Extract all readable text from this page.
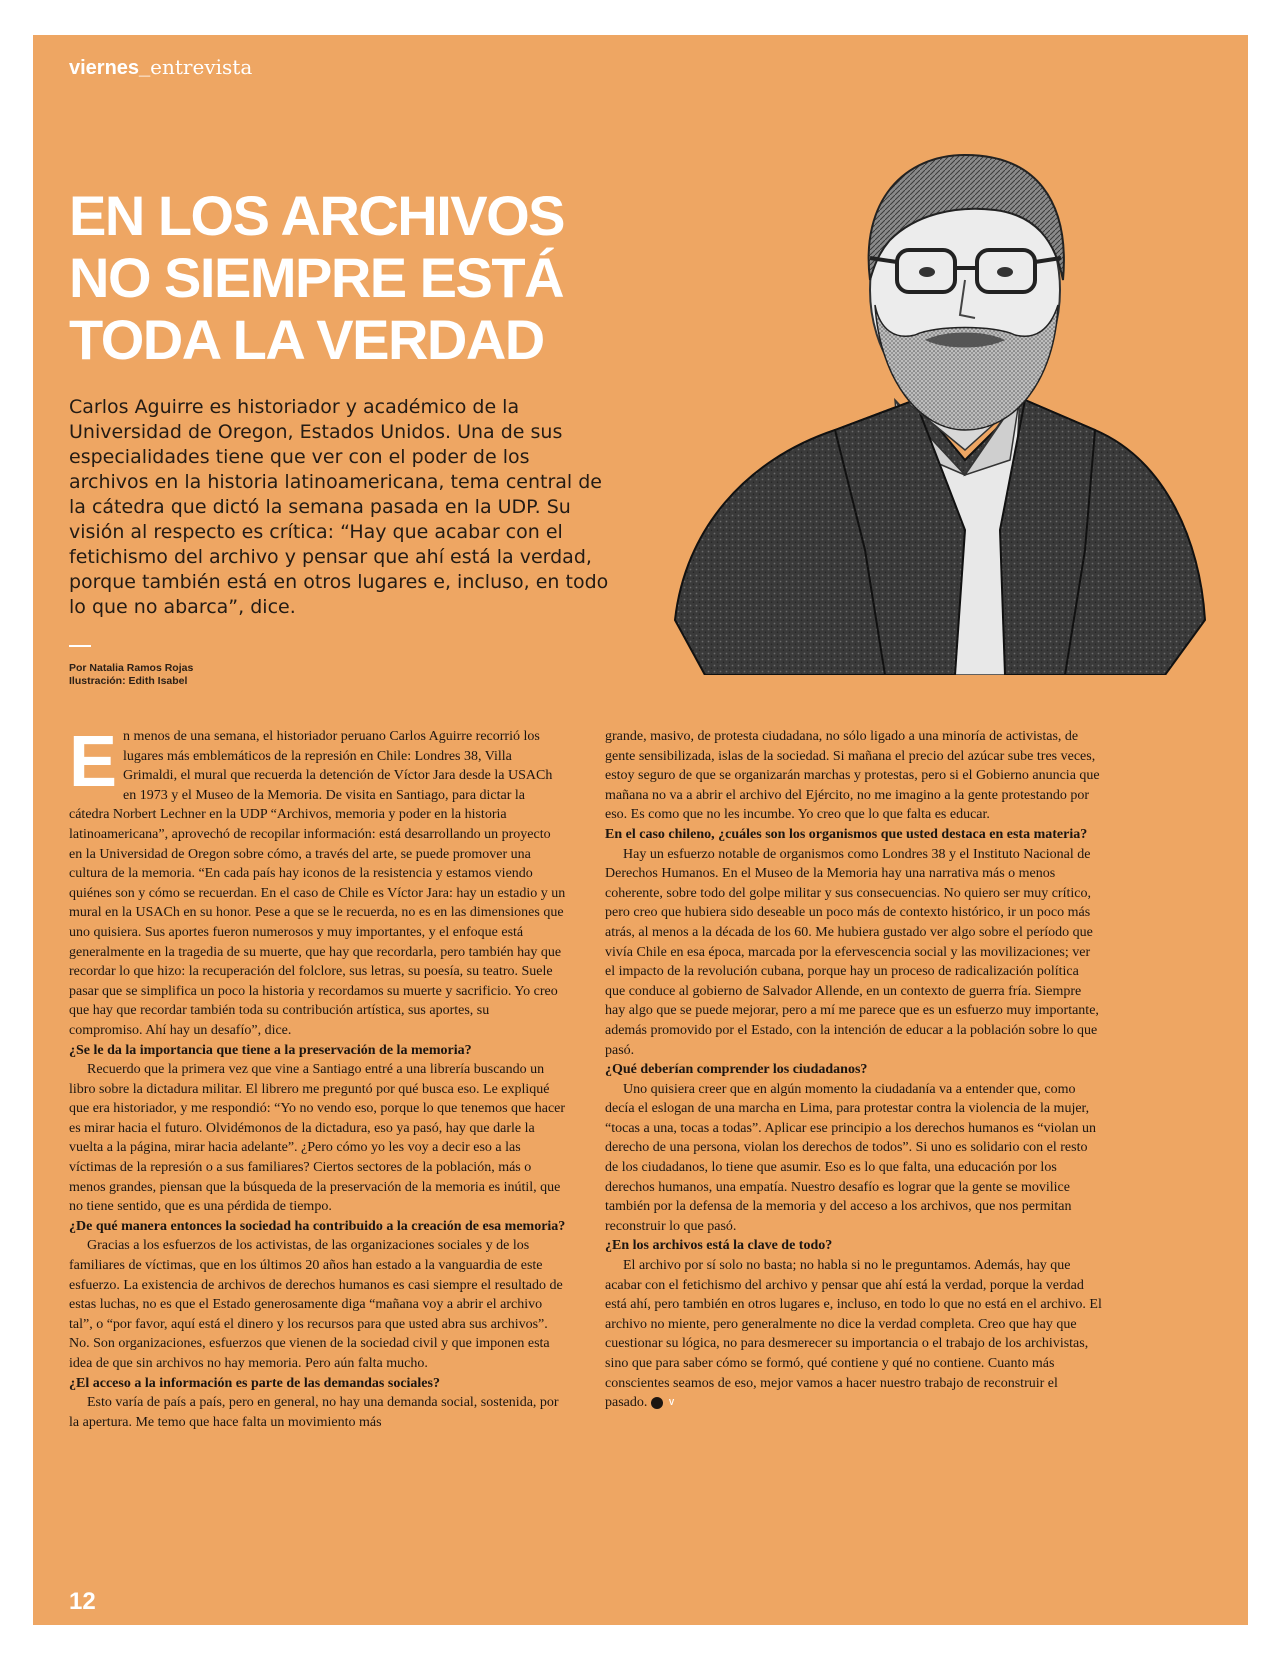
viernes_entrevista
EN LOS ARCHIVOS
NO SIEMPRE ESTÁ
TODA LA VERDAD

Carlos Aguirre es historiador y académico de la Universidad de Oregon, Estados Unidos. Una de sus especialidades tiene que ver con el poder de los archivos en la historia latinoamericana, tema central de la cátedra que dictó la semana pasada en la UDP. Su visión al respecto es crítica: “Hay que acabar con el fetichismo del archivo y pensar que ahí está la verdad, porque también está en otros lugares e, incluso, en todo lo que no abarca”, dice.

Por Natalia Ramos Rojas
Ilustración: Edith Isabel
E n menos de una semana, el historiador peruano Carlos Aguirre recorrió los lugares más emblemáticos de la represión en Chile: Londres 38, Villa Grimaldi, el mural que recuerda la detención de Víctor Jara desde la USACh en 1973 y el Museo de la Memoria. De visita en Santiago, para dictar la cátedra Norbert Lechner en la UDP “Archivos, memoria y poder en la historia latinoamericana”, aprovechó de recopilar información: está desarrollando un proyecto en la Universidad de Oregon sobre cómo, a través del arte, se puede promover una cultura de la memoria. “En cada país hay iconos de la resistencia y estamos viendo quiénes son y cómo se recuerdan. En el caso de Chile es Víctor Jara: hay un estadio y un mural en la USACh en su honor. Pese a que se le recuerda, no es en las dimensiones que uno quisiera. Sus aportes fueron numerosos y muy importantes, y el enfoque está generalmente en la tragedia de su muerte, que hay que recordarla, pero también hay que recordar lo que hizo: la recuperación del folclore, sus letras, su poesía, su teatro. Suele pasar que se simplifica un poco la historia y recordamos su muerte y sacrificio. Yo creo que hay que recordar también toda su contribución artística, sus aportes, su compromiso. Ahí hay un desafío”, dice.

¿Se le da la importancia que tiene a la preservación de la memoria?

Recuerdo que la primera vez que vine a Santiago entré a una librería buscando un libro sobre la dictadura militar. El librero me preguntó por qué busca eso. Le expliqué que era historiador, y me respondió: “Yo no vendo eso, porque lo que tenemos que hacer es mirar hacia el futuro. Olvidémonos de la dictadura, eso ya pasó, hay que darle la vuelta a la página, mirar hacia adelante”. ¿Pero cómo yo les voy a decir eso a las víctimas de la represión o a sus familiares? Ciertos sectores de la población, más o menos grandes, piensan que la búsqueda de la preservación de la memoria es inútil, que no tiene sentido, que es una pérdida de tiempo.

¿De qué manera entonces la sociedad ha contribuido a la creación de esa memoria?

Gracias a los esfuerzos de los activistas, de las organizaciones sociales y de los familiares de víctimas, que en los últimos 20 años han estado a la vanguardia de este esfuerzo. La existencia de archivos de derechos humanos es casi siempre el resultado de estas luchas, no es que el Estado generosamente diga “mañana voy a abrir el archivo tal”, o “por favor, aquí está el dinero y los recursos para que usted abra sus archivos”. No. Son organizaciones, esfuerzos que vienen de la sociedad civil y que imponen esta idea de que sin archivos no hay memoria. Pero aún falta mucho.

¿El acceso a la información es parte de las demandas sociales?

Esto varía de país a país, pero en general, no hay una demanda social, sostenida, por la apertura. Me temo que hace falta un movimiento más

grande, masivo, de protesta ciudadana, no sólo ligado a una minoría de activistas, de gente sensibilizada, islas de la sociedad. Si mañana el precio del azúcar sube tres veces, estoy seguro de que se organizarán marchas y protestas, pero si el Gobierno anuncia que mañana no va a abrir el archivo del Ejército, no me imagino a la gente protestando por eso. Es como que no les incumbe. Yo creo que lo que falta es educar.

En el caso chileno, ¿cuáles son los organismos que usted destaca en esta materia?

Hay un esfuerzo notable de organismos como Londres 38 y el Instituto Nacional de Derechos Humanos. En el Museo de la Memoria hay una narrativa más o menos coherente, sobre todo del golpe militar y sus consecuencias. No quiero ser muy crítico, pero creo que hubiera sido deseable un poco más de contexto histórico, ir un poco más atrás, al menos a la década de los 60. Me hubiera gustado ver algo sobre el período que vivía Chile en esa época, marcada por la efervescencia social y las movilizaciones; ver el impacto de la revolución cubana, porque hay un proceso de radicalización política que conduce al gobierno de Salvador Allende, en un contexto de guerra fría. Siempre hay algo que se puede mejorar, pero a mí me parece que es un esfuerzo muy importante, además promovido por el Estado, con la intención de educar a la población sobre lo que pasó.

¿Qué deberían comprender los ciudadanos?

Uno quisiera creer que en algún momento la ciudadanía va a entender que, como decía el eslogan de una marcha en Lima, para protestar contra la violencia de la mujer, “tocas a una, tocas a todas”. Aplicar ese principio a los derechos humanos es “violan un derecho de una persona, violan los derechos de todos”. Si uno es solidario con el resto de los ciudadanos, lo tiene que asumir. Eso es lo que falta, una educación por los derechos humanos, una empatía. Nuestro desafío es lograr que la gente se movilice también por la defensa de la memoria y del acceso a los archivos, que nos permitan reconstruir lo que pasó.

¿En los archivos está la clave de todo?

El archivo por sí solo no basta; no habla si no le preguntamos. Además, hay que acabar con el fetichismo del archivo y pensar que ahí está la verdad, porque la verdad está ahí, pero también en otros lugares e, incluso, en todo lo que no está en el archivo. El archivo no miente, pero generalmente no dice la verdad completa. Creo que hay que cuestionar su lógica, no para desmerecer su importancia o el trabajo de los archivistas, sino que para saber cómo se formó, qué contiene y qué no contiene. Cuanto más conscientes seamos de eso, mejor vamos a hacer nuestro trabajo de reconstruir el pasado.	V

12
